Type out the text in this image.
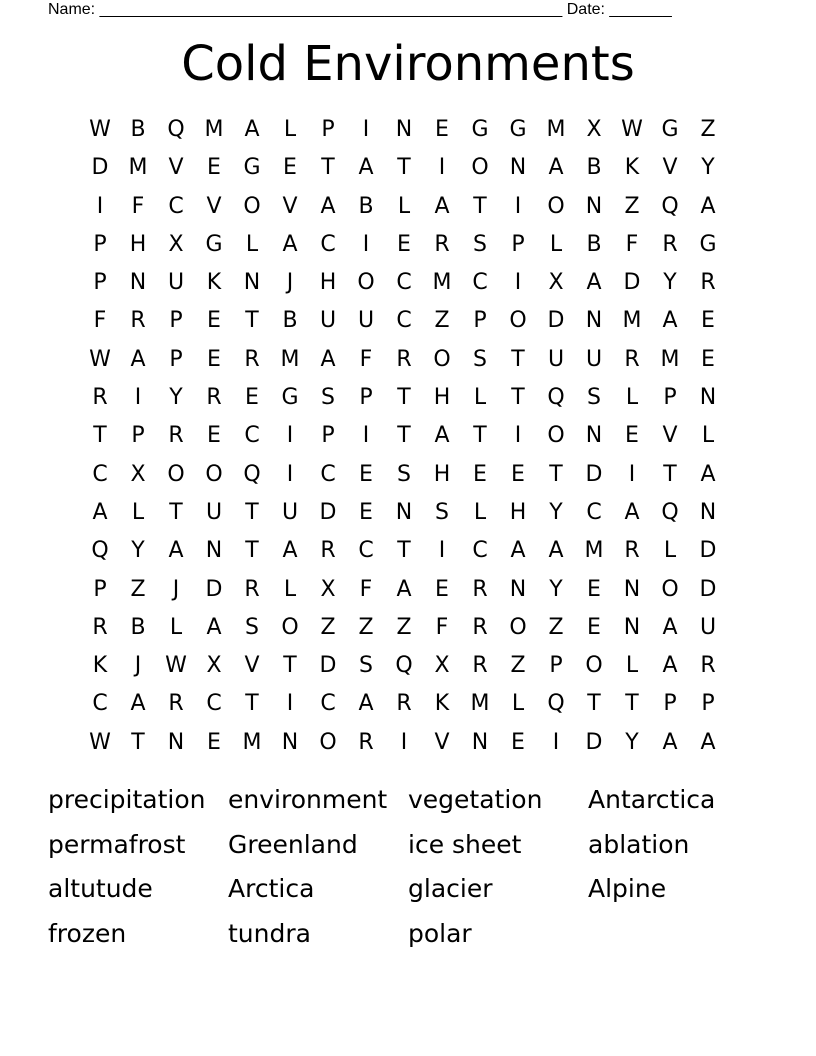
Name: ____________________________________________________ Date: _______
Cold Environments
W B Q M A	L	P	I	N	E	G G M X W G Z
D M V	E	G	E	T	A	T	I	O N	A	B	K	V	Y
I	F	C	V O V	A	B	L	A	T	I	O N	Z Q A
P	H	X G	L	A	C	I	E	R	S	P	L	B	F	R G
P	N U	K	N	J	H O C M C	I	X	A D	Y	R
F	R	P	E	T	B	U U	C	Z	P	O D N M A	E
W A	P	E	R M A	F	R O	S	T	U U	R M E
R	I	Y	R	E	G	S	P	T	H	L	T	Q	S	L	P	N
T	P	R	E	C	I	P	I	T	A	T	I	O N	E	V	L
C	X O O Q	I	C	E	S	H	E	E	T	D	I	T	A
A	L	T	U	T	U D	E	N	S	L	H	Y	C	A Q N
Q	Y	A	N	T	A	R	C	T	I	C	A	A M R	L	D
P	Z	J	D R	L	X	F	A	E	R	N	Y	E	N O D
R	B	L	A	S	O Z	Z	Z	F	R O Z	E	N	A	U
K	J	W X	V	T	D	S	Q X	R	Z	P	O	L	A	R
C	A	R	C	T	I	C	A	R	K M	L	Q	T	T	P	P
W T	N	E M N O R	I	V	N	E	I	D	Y	A	A
precipitation environment vegetation	Antarctica
permafrost	Greenland	ice sheet	ablation
altutude	Arctica	glacier	Alpine
frozen	tundra	polar
